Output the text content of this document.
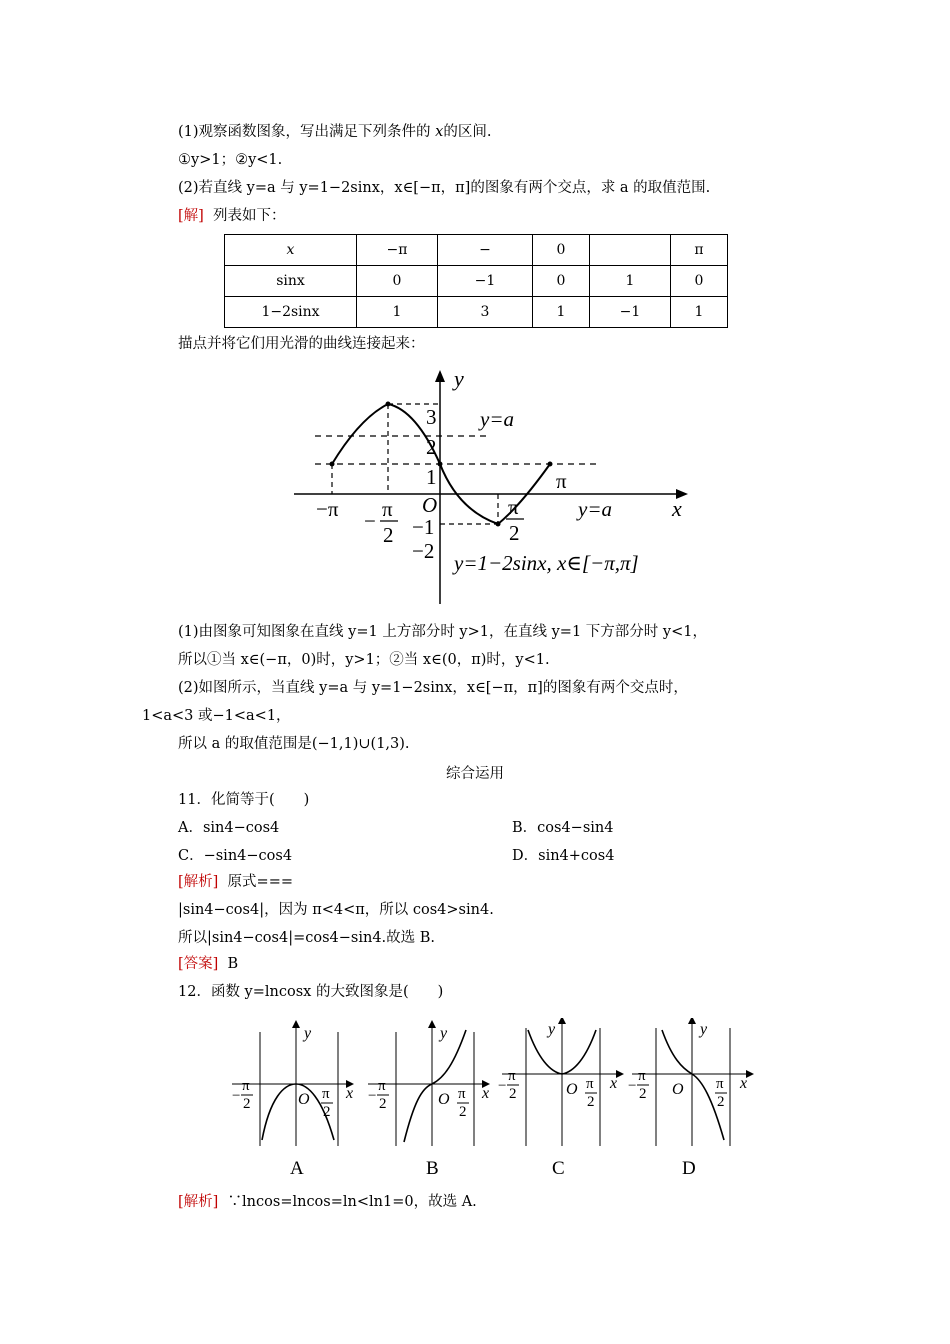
(1)观察函数图象，写出满足下列条件的 x的区间.
①y>1；②y<1.
(2)若直线 y=a 与 y=1−2sinx，x∈[−π，π]的图象有两个交点，求 a 的取值范围.
[解] 列表如下：
x	−π	−	0		π
sinx	0	−1	0	1	0
1−2sinx	1	3	1	−1	1
描点并将它们用光滑的曲线连接起来：
y
x
O
3
2
1
−1
−2
−π − π
2
π
2
π
y=a
y=a
y=1−2sinx, x∈[−π,π]
(1)由图象可知图象在直线 y=1 上方部分时 y>1，在直线 y=1 下方部分时 y<1，
所以①当 x∈(−π，0)时，y>1；②当 x∈(0，π)时，y<1.
(2)如图所示，当直线 y=a 与 y=1−2sinx，x∈[−π，π]的图象有两个交点时，
1<a<3 或−1<a<1，
所以 a 的取值范围是(−1,1)∪(1,3).
综合运用
11．化简等于(　　)
A．sin4−cos4	B．cos4−sin4
C．−sin4−cos4	D．sin4+cos4
[解析] 原式===
|sin4−cos4|，因为 π<4<π，所以 cos4>sin4.
所以|sin4−cos4|=cos4−sin4.故选 B.
[答案] B
12．函数 y=lncosx 的大致图象是(　　)
y
x
O
−
π
2
π
2
A
y
x
O
−
π
2
π
2
B
y
x
O
−
π
2
π
2
C
y
x
O
−
π
2
π
2
D
[解析] ∵lncos=lncos=ln<ln1=0，故选 A.
